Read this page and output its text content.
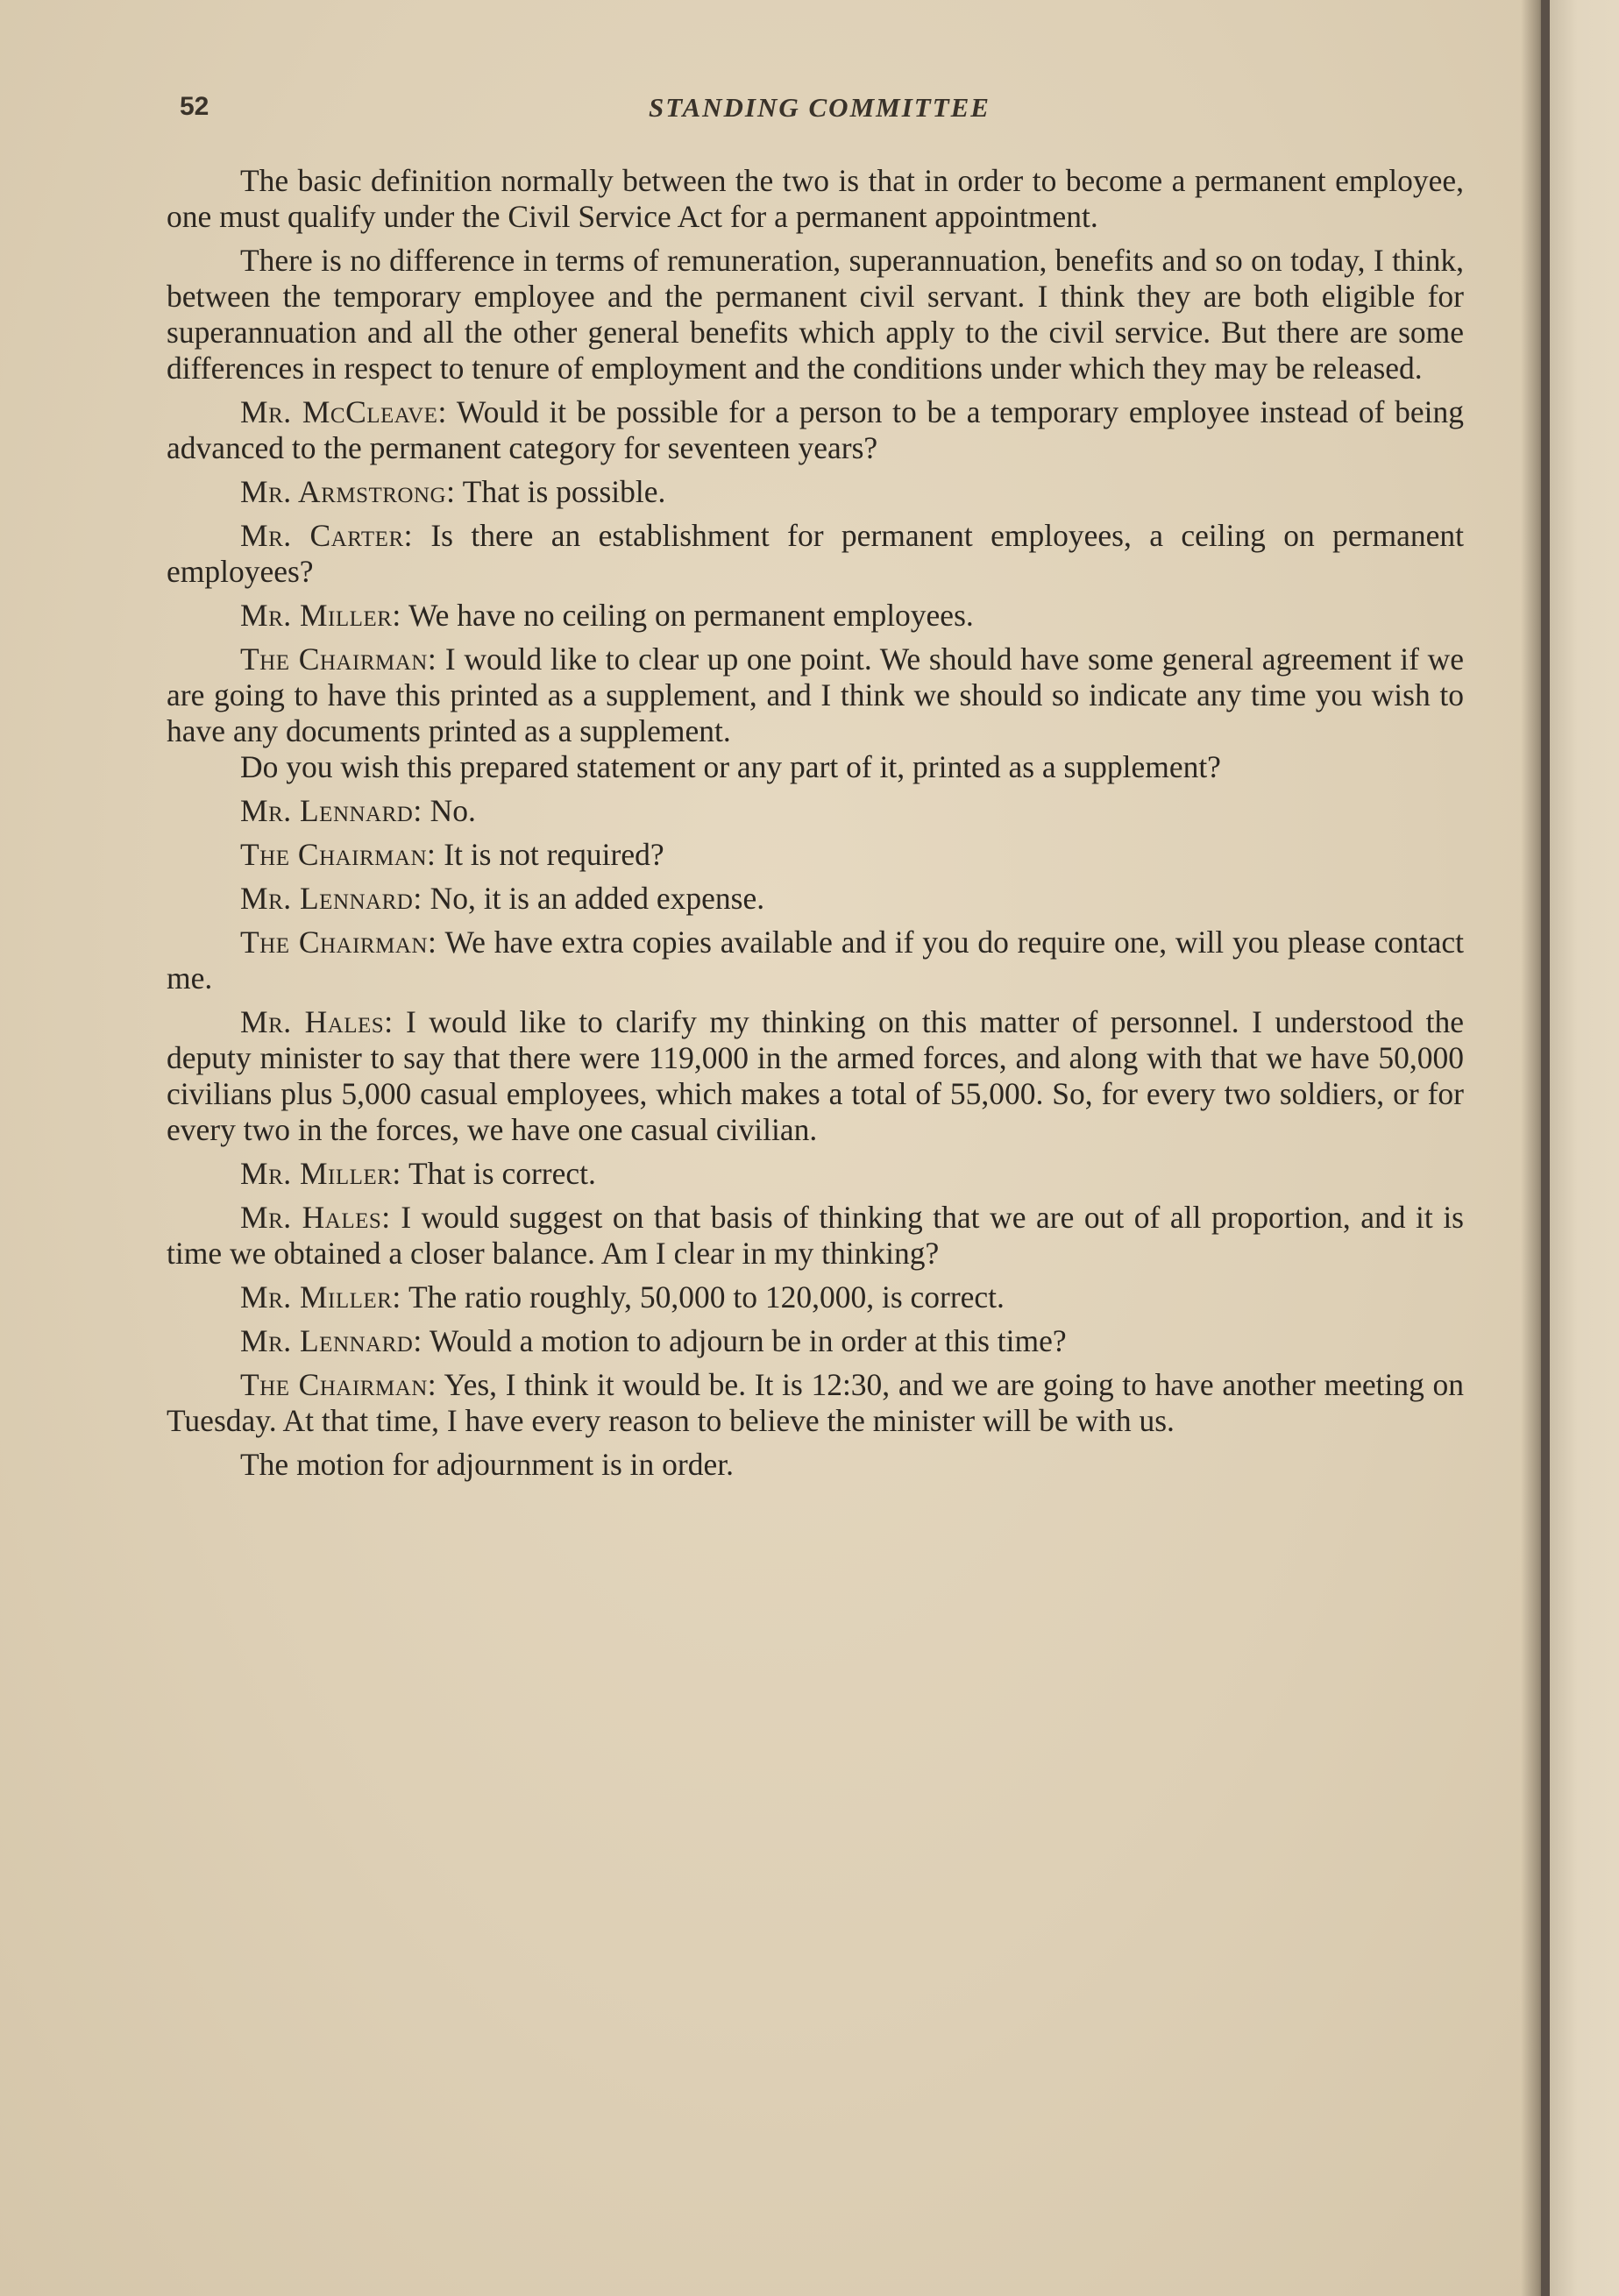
52	STANDING COMMITTEE

The basic definition normally between the two is that in order to become a permanent employee, one must qualify under the Civil Service Act for a permanent appointment.

There is no difference in terms of remuneration, superannuation, benefits and so on today, I think, between the temporary employee and the permanent civil servant. I think they are both eligible for superannuation and all the other general benefits which apply to the civil service. But there are some differences in respect to tenure of employment and the conditions under which they may be released.

Mr. McCleave: Would it be possible for a person to be a temporary employee instead of being advanced to the permanent category for seventeen years?

Mr. Armstrong: That is possible.

Mr. Carter: Is there an establishment for permanent employees, a ceiling on permanent employees?

Mr. Miller: We have no ceiling on permanent employees.

The Chairman: I would like to clear up one point. We should have some general agreement if we are going to have this printed as a supplement, and I think we should so indicate any time you wish to have any documents printed as a supplement.

Do you wish this prepared statement or any part of it, printed as a supplement?

Mr. Lennard: No.

The Chairman: It is not required?

Mr. Lennard: No, it is an added expense.

The Chairman: We have extra copies available and if you do require one, will you please contact me.

Mr. Hales: I would like to clarify my thinking on this matter of personnel. I understood the deputy minister to say that there were 119,000 in the armed forces, and along with that we have 50,000 civilians plus 5,000 casual employees, which makes a total of 55,000. So, for every two soldiers, or for every two in the forces, we have one casual civilian.

Mr. Miller: That is correct.

Mr. Hales: I would suggest on that basis of thinking that we are out of all proportion, and it is time we obtained a closer balance. Am I clear in my thinking?

Mr. Miller: The ratio roughly, 50,000 to 120,000, is correct.

Mr. Lennard: Would a motion to adjourn be in order at this time?

The Chairman: Yes, I think it would be. It is 12:30, and we are going to have another meeting on Tuesday. At that time, I have every reason to believe the minister will be with us.

The motion for adjournment is in order.
